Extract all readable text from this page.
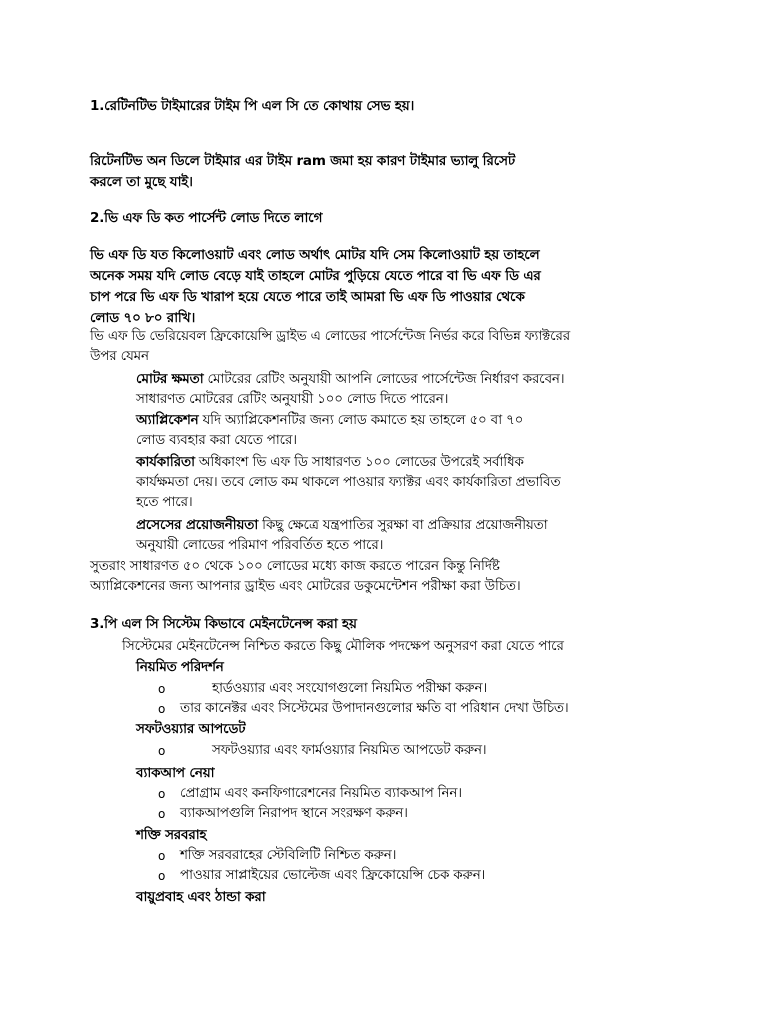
1.রেটিনটিভ টাইমারের টাইম পি এল সি তে কোথায় সেভ হয়।
রিটেনটিভ অন ডিলে টাইমার এর টাইম ram জমা হয় কারণ টাইমার ভ্যালু রিসেট
করলে তা মুছে যাই।
2.ভি এফ ডি কত পার্সেন্ট লোড দিতে লাগে
ভি এফ ডি যত কিলোওয়াট এবং লোড অর্থাৎ মোটর যদি সেম কিলোওয়াট হয় তাহলে
অনেক সময় যদি লোড বেড়ে যাই তাহলে মোটর পুড়িয়ে যেতে পারে বা ভি এফ ডি এর
চাপ পরে ভি এফ ডি খারাপ হয়ে যেতে পারে তাই আমরা ভি এফ ডি পাওয়ার থেকে
লোড ৭০ ৮০ রাখি।
ভি এফ ডি ভেরিয়েবল ফ্রিকোয়েন্সি ড্রাইভ এ লোডের পার্সেন্টেজ নির্ভর করে বিভিন্ন ফ্যাক্টরের
উপর যেমন
মোটর ক্ষমতা মোটরের রেটিং অনুযায়ী আপনি লোডের পার্সেন্টেজ নির্ধারণ করবেন।
সাধারণত মোটরের রেটিং অনুযায়ী ১০০ লোড দিতে পারেন।
অ্যাপ্লিকেশন যদি অ্যাপ্লিকেশনটির জন্য লোড কমাতে হয় তাহলে ৫০ বা ৭০
লোড ব্যবহার করা যেতে পারে।
কার্যকারিতা অধিকাংশ ভি এফ ডি সাধারণত ১০০ লোডের উপরেই সর্বাধিক
কার্যক্ষমতা দেয়। তবে লোড কম থাকলে পাওয়ার ফ্যাক্টর এবং কার্যকারিতা প্রভাবিত
হতে পারে।
প্রসেসের প্রয়োজনীয়তা কিছু ক্ষেত্রে যন্ত্রপাতির সুরক্ষা বা প্রক্রিয়ার প্রয়োজনীয়তা
অনুযায়ী লোডের পরিমাণ পরিবর্তিত হতে পারে।
সুতরাং সাধারণত ৫০ থেকে ১০০ লোডের মধ্যে কাজ করতে পারেন কিন্তু নির্দিষ্ট
অ্যাপ্লিকেশনের জন্য আপনার ড্রাইভ এবং মোটরের ডকুমেন্টেশন পরীক্ষা করা উচিত।
3.পি এল সি সিস্টেম কিভাবে মেইনটেনেন্স করা হয়
সিস্টেমের মেইনটেনেন্স নিশ্চিত করতে কিছু মৌলিক পদক্ষেপ অনুসরণ করা যেতে পারে
নিয়মিত পরিদর্শন
o	হার্ডওয়্যার এবং সংযোগগুলো নিয়মিত পরীক্ষা করুন।
o তার কানেক্টর এবং সিস্টেমের উপাদানগুলোর ক্ষতি বা পরিধান দেখা উচিত।
সফটওয়্যার আপডেট
o	সফটওয়্যার এবং ফার্মওয়্যার নিয়মিত আপডেট করুন।
ব্যাকআপ নেয়া
o প্রোগ্রাম এবং কনফিগারেশনের নিয়মিত ব্যাকআপ নিন।
o ব্যাকআপগুলি নিরাপদ স্থানে সংরক্ষণ করুন।
শক্তি সরবরাহ
o শক্তি সরবরাহের স্টেবিলিটি নিশ্চিত করুন।
o পাওয়ার সাপ্লাইয়ের ভোল্টেজ এবং ফ্রিকোয়েন্সি চেক করুন।
বায়ুপ্রবাহ এবং ঠান্ডা করা
